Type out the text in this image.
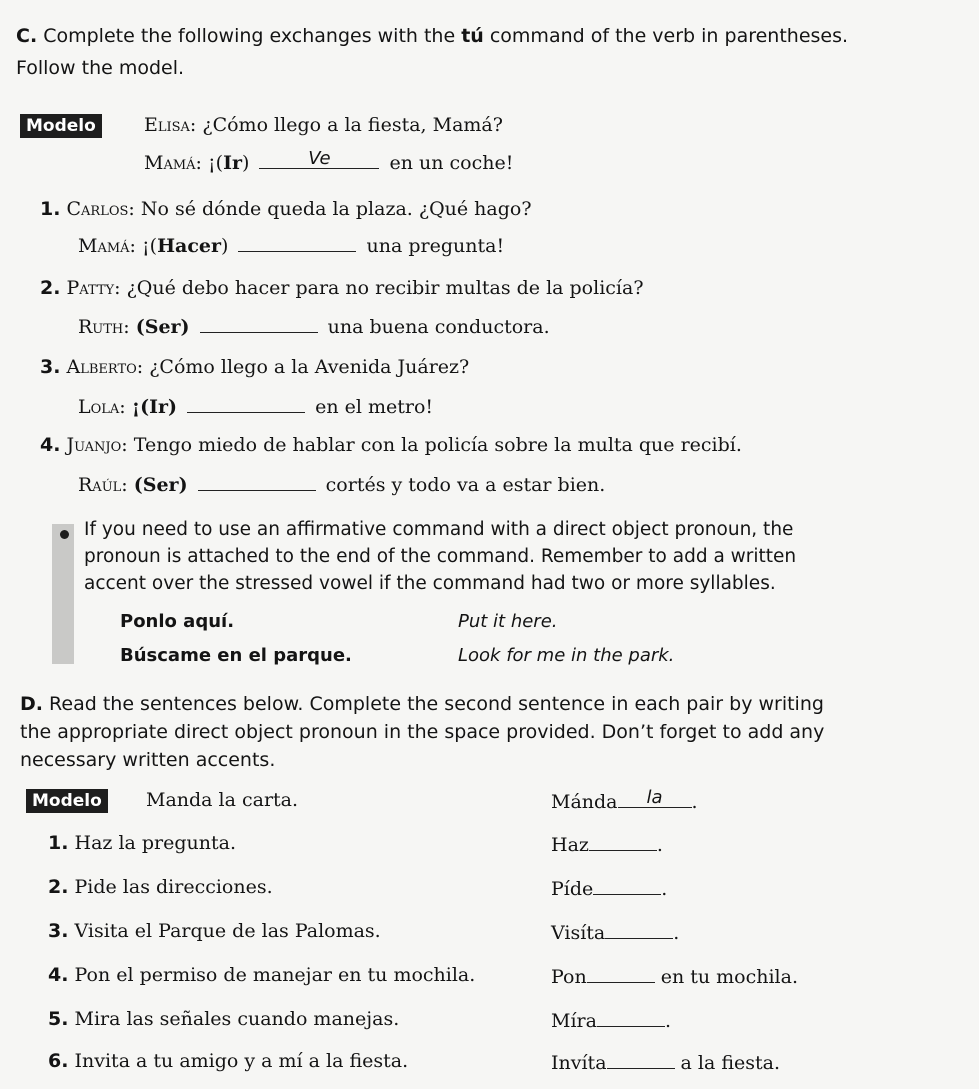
C. Complete the following exchanges with the tú command of the verb in parentheses.
Follow the model.
Modelo	Elisa: ¿Cómo llego a la fiesta, Mamá?
Mamá: ¡(Ir)	Ve	en un coche!
1. Carlos: No sé dónde queda la plaza. ¿Qué hago?
Mamá: ¡(Hacer)	una pregunta!
2. Patty: ¿Qué debo hacer para no recibir multas de la policía?
Ruth: (Ser)	una buena conductora.
3. Alberto: ¿Cómo llego a la Avenida Juárez?
Lola: ¡(Ir)	en el metro!
4. Juanjo: Tengo miedo de hablar con la policía sobre la multa que recibí.
Raúl: (Ser)	cortés y todo va a estar bien.
If you need to use an affirmative command with a direct object pronoun, the
pronoun is attached to the end of the command. Remember to add a written
accent over the stressed vowel if the command had two or more syllables.
Ponlo aquí.	Put it here.
Búscame en el parque.	Look for me in the park.
D. Read the sentences below. Complete the second sentence in each pair by writing
the appropriate direct object pronoun in the space provided. Don’t forget to add any
necessary written accents.
Modelo	Manda la carta.	Mánda	la	.
1. Haz la pregunta.	Haz	.
2. Pide las direcciones.	Píde	.
3. Visita el Parque de las Palomas.	Visíta	.
4. Pon el permiso de manejar en tu mochila.	Pon	en tu mochila.
5. Mira las señales cuando manejas.	Míra	.
6. Invita a tu amigo y a mí a la fiesta.	Invíta	a la fiesta.
